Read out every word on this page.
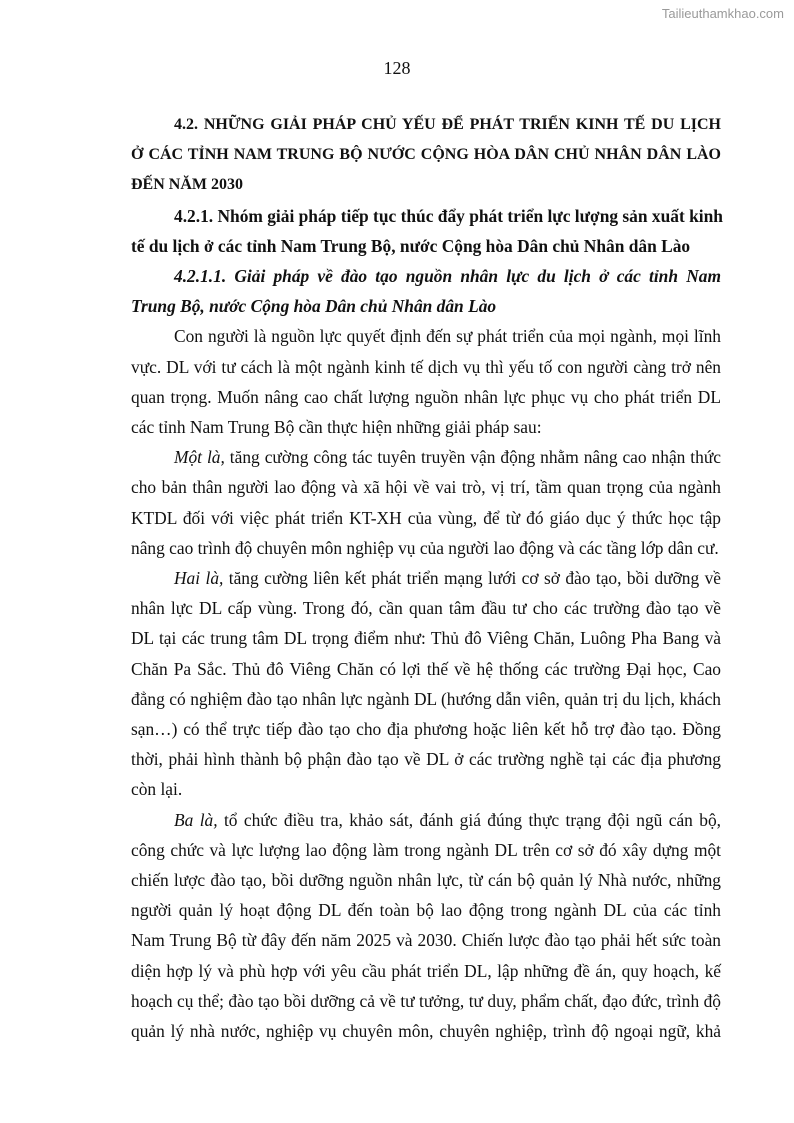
Tailieuthamkhao.com
128
4.2. NHỮNG GIẢI PHÁP CHỦ YẾU ĐỂ PHÁT TRIỂN KINH TẾ DU LỊCH
Ở CÁC TỈNH NAM TRUNG BỘ NƯỚC CỘNG HÒA DÂN CHỦ NHÂN DÂN LÀO
ĐẾN NĂM 2030
4.2.1. Nhóm giải pháp tiếp tục thúc đẩy phát triển lực lượng sản xuất kinh
tế du lịch ở các tỉnh Nam Trung Bộ, nước Cộng hòa Dân chủ Nhân dân Lào
4.2.1.1. Giải pháp về đào tạo nguồn nhân lực du lịch ở các tỉnh Nam
Trung Bộ, nước Cộng hòa Dân chủ Nhân dân Lào
Con người là nguồn lực quyết định đến sự phát triển của mọi ngành, mọi lĩnh
vực. DL với tư cách là một ngành kinh tế dịch vụ thì yếu tố con người càng trở nên
quan trọng. Muốn nâng cao chất lượng nguồn nhân lực phục vụ cho phát triển DL
các tỉnh Nam Trung Bộ cần thực hiện những giải pháp sau:
Một là, tăng cường công tác tuyên truyền vận động nhằm nâng cao nhận thức
cho bản thân người lao động và xã hội về vai trò, vị trí, tầm quan trọng của ngành
KTDL đối với việc phát triển KT-XH của vùng, để từ đó giáo dục ý thức học tập
nâng cao trình độ chuyên môn nghiệp vụ của người lao động và các tầng lớp dân cư.
Hai là, tăng cường liên kết phát triển mạng lưới cơ sở đào tạo, bồi dưỡng về
nhân lực DL cấp vùng. Trong đó, cần quan tâm đầu tư cho các trường đào tạo về
DL tại các trung tâm DL trọng điểm như: Thủ đô Viêng Chăn, Luông Pha Bang và
Chăn Pa Sắc. Thủ đô Viêng Chăn có lợi thế về hệ thống các trường Đại học, Cao
đẳng có nghiệm đào tạo nhân lực ngành DL (hướng dẫn viên, quản trị du lịch, khách
sạn…) có thể trực tiếp đào tạo cho địa phương hoặc liên kết hỗ trợ đào tạo. Đồng
thời, phải hình thành bộ phận đào tạo về DL ở các trường nghề tại các địa phương
còn lại.
Ba là, tổ chức điều tra, khảo sát, đánh giá đúng thực trạng đội ngũ cán bộ,
công chức và lực lượng lao động làm trong ngành DL trên cơ sở đó xây dựng một
chiến lược đào tạo, bồi dưỡng nguồn nhân lực, từ cán bộ quản lý Nhà nước, những
người quản lý hoạt động DL đến toàn bộ lao động trong ngành DL của các tỉnh
Nam Trung Bộ từ đây đến năm 2025 và 2030. Chiến lược đào tạo phải hết sức toàn
diện hợp lý và phù hợp với yêu cầu phát triển DL, lập những đề án, quy hoạch, kế
hoạch cụ thể; đào tạo bồi dưỡng cả về tư tưởng, tư duy, phẩm chất, đạo đức, trình độ
quản lý nhà nước, nghiệp vụ chuyên môn, chuyên nghiệp, trình độ ngoại ngữ, khả
